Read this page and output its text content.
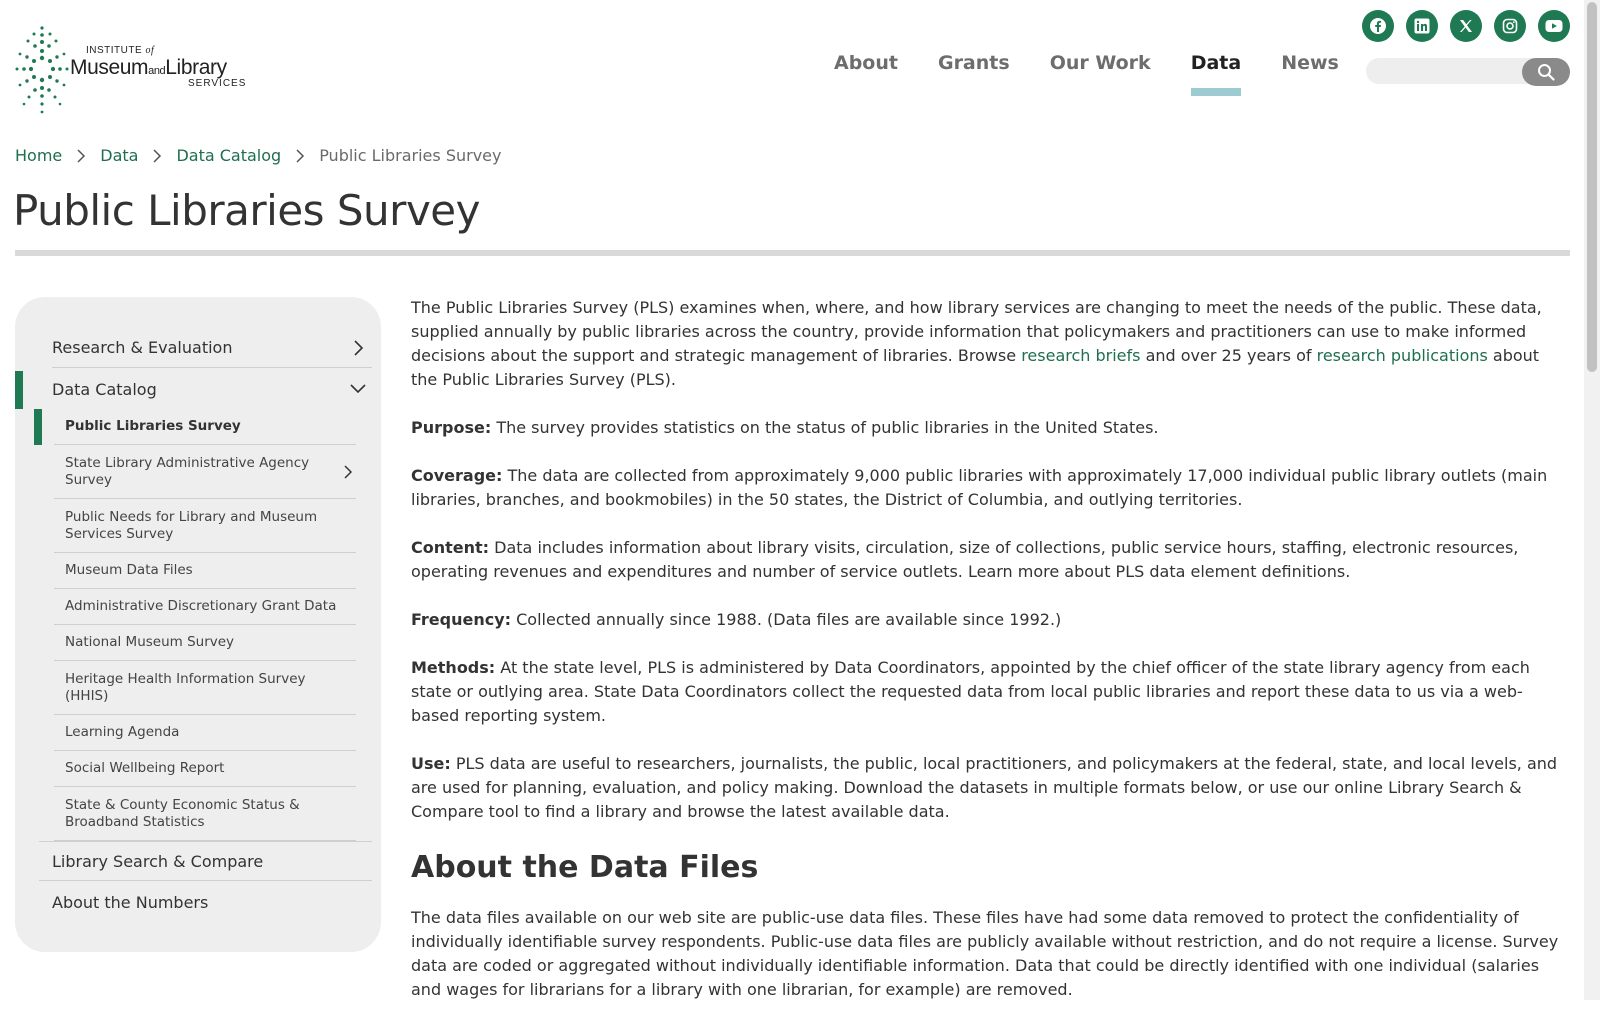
INSTITUTE of
MuseumandLibrary
SERVICES
About Grants Our Work Data News
Home Data Data Catalog Public Libraries Survey
Public Libraries Survey
Research & Evaluation
Data Catalog
Public Libraries Survey
State Library Administrative Agency Survey
Public Needs for Library and Museum Services Survey
Museum Data Files
Administrative Discretionary Grant Data
National Museum Survey
Heritage Health Information Survey (HHIS)
Learning Agenda
Social Wellbeing Report
State & County Economic Status & Broadband Statistics
Library Search & Compare
About the Numbers

The Public Libraries Survey (PLS) examines when, where, and how library services are changing to meet the needs of the public. These data, supplied annually by public libraries across the country, provide information that policymakers and practitioners can use to make informed decisions about the support and strategic management of libraries. Browse research briefs and over 25 years of research publications about the Public Libraries Survey (PLS).

Purpose: The survey provides statistics on the status of public libraries in the United States.

Coverage: The data are collected from approximately 9,000 public libraries with approximately 17,000 individual public library outlets (main libraries, branches, and bookmobiles) in the 50 states, the District of Columbia, and outlying territories.

Content: Data includes information about library visits, circulation, size of collections, public service hours, staffing, electronic resources, operating revenues and expenditures and number of service outlets. Learn more about PLS data element definitions.

Frequency: Collected annually since 1988. (Data files are available since 1992.)

Methods: At the state level, PLS is administered by Data Coordinators, appointed by the chief officer of the state library agency from each state or outlying area. State Data Coordinators collect the requested data from local public libraries and report these data to us via a web-based reporting system.

Use: PLS data are useful to researchers, journalists, the public, local practitioners, and policymakers at the federal, state, and local levels, and are used for planning, evaluation, and policy making. Download the datasets in multiple formats below, or use our online Library Search & Compare tool to find a library and browse the latest available data.

About the Data Files

The data files available on our web site are public-use data files. These files have had some data removed to protect the confidentiality of individually identifiable survey respondents. Public-use data files are publicly available without restriction, and do not require a license. Survey data are coded or aggregated without individually identifiable information. Data that could be directly identified with one individual (salaries and wages for librarians for a library with one librarian, for example) are removed.
